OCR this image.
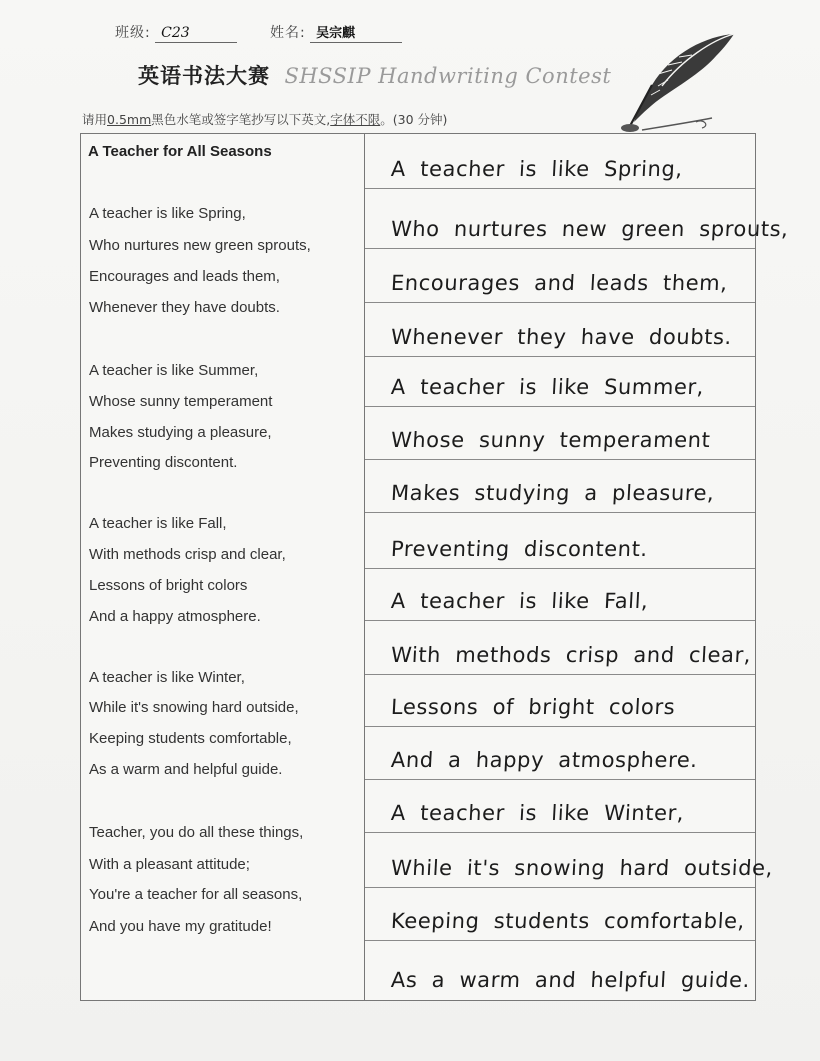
班级: C23	姓名: 吴宗麒
英语书法大赛 SHSSIP Handwriting Contest
请用0.5mm黑色水笔或签字笔抄写以下英文,字体不限。(30 分钟)
A Teacher for All Seasons
A teacher is like Spring,
Who nurtures new green sprouts,
Encourages and leads them,
Whenever they have doubts.
A teacher is like Summer,
Whose sunny temperament
Makes studying a pleasure,
Preventing discontent.
A teacher is like Fall,
With methods crisp and clear,
Lessons of bright colors
And a happy atmosphere.
A teacher is like Winter,
While it's snowing hard outside,
Keeping students comfortable,
As a warm and helpful guide.
Teacher, you do all these things,
With a pleasant attitude;
You're a teacher for all seasons,
And you have my gratitude!
A teacher is like Spring,
Who nurtures new green sprouts,
Encourages and leads them,
Whenever they have doubts.
A teacher is like Summer,
Whose sunny temperament
Makes studying a pleasure,
Preventing discontent.
A teacher is like Fall,
With methods crisp and clear,
Lessons of bright colors
And a happy atmosphere.
A teacher is like Winter,
While it's snowing hard outside,
Keeping students comfortable,
As a warm and helpful guide.
